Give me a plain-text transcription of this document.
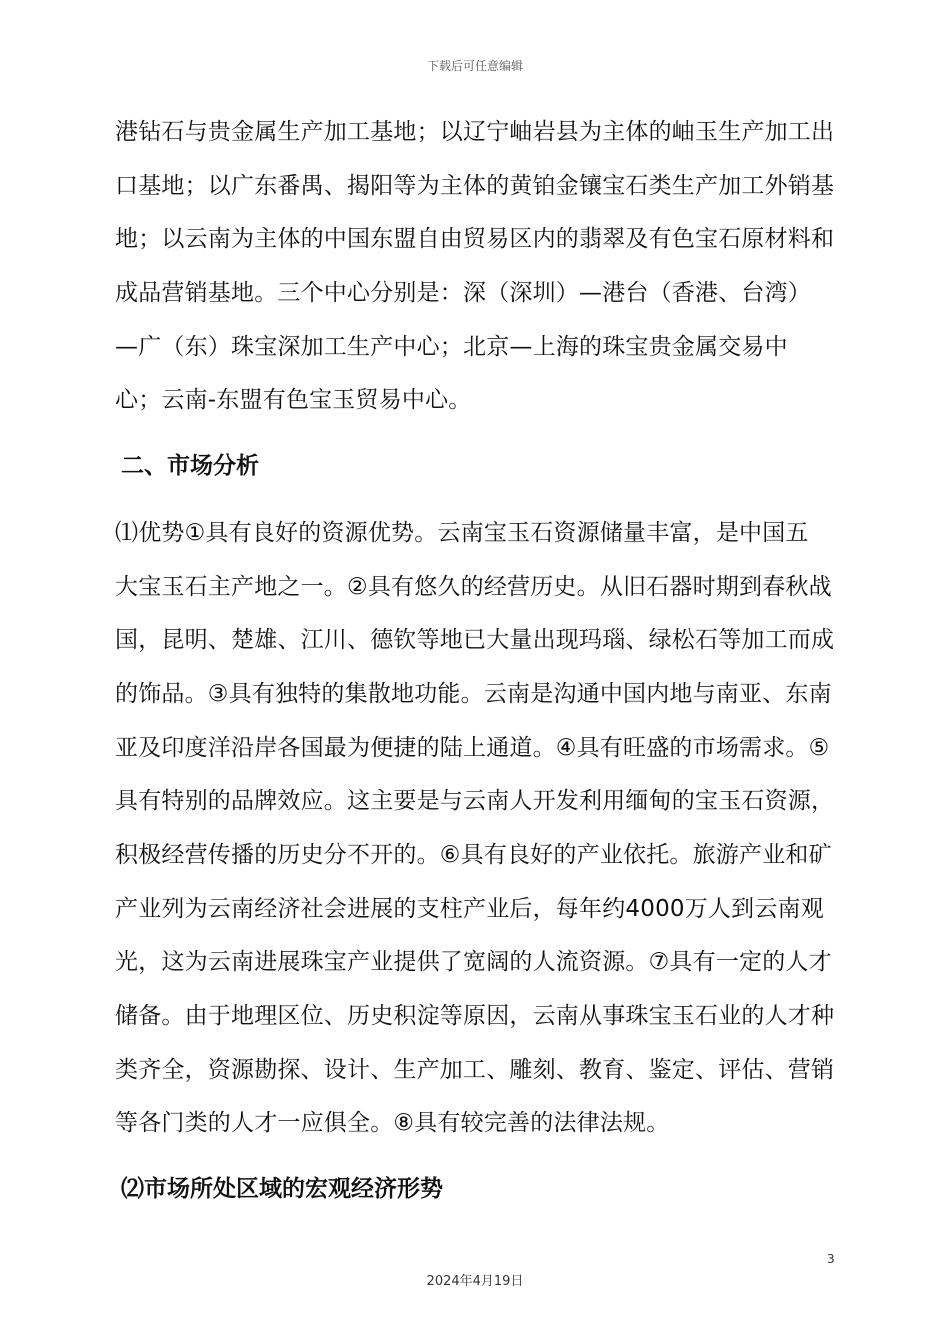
下载后可任意编辑
港钻石与贵金属生产加工基地；以辽宁岫岩县为主体的岫玉生产加工出
口基地；以广东番禺、揭阳等为主体的黄铂金镶宝石类生产加工外销基
地；以云南为主体的中国东盟自由贸易区内的翡翠及有色宝石原材料和
成品营销基地。三个中心分别是：深（深圳）—港台（香港、台湾）
—广（东）珠宝深加工生产中心；北京—上海的珠宝贵金属交易中
心；云南-东盟有色宝玉贸易中心。
二、市场分析
⑴优势①具有良好的资源优势。云南宝玉石资源储量丰富，是中国五
大宝玉石主产地之一。②具有悠久的经营历史。从旧石器时期到春秋战
国，昆明、楚雄、江川、德钦等地已大量出现玛瑙、绿松石等加工而成
的饰品。③具有独特的集散地功能。云南是沟通中国内地与南亚、东南
亚及印度洋沿岸各国最为便捷的陆上通道。④具有旺盛的市场需求。⑤
具有特别的品牌效应。这主要是与云南人开发利用缅甸的宝玉石资源，
积极经营传播的历史分不开的。⑥具有良好的产业依托。旅游产业和矿
产业列为云南经济社会进展的支柱产业后，每年约4000万人到云南观
光，这为云南进展珠宝产业提供了宽阔的人流资源。⑦具有一定的人才
储备。由于地理区位、历史积淀等原因，云南从事珠宝玉石业的人才种
类齐全，资源勘探、设计、生产加工、雕刻、教育、鉴定、评估、营销
等各门类的人才一应俱全。⑧具有较完善的法律法规。
⑵市场所处区域的宏观经济形势
3
2024年4月19日
